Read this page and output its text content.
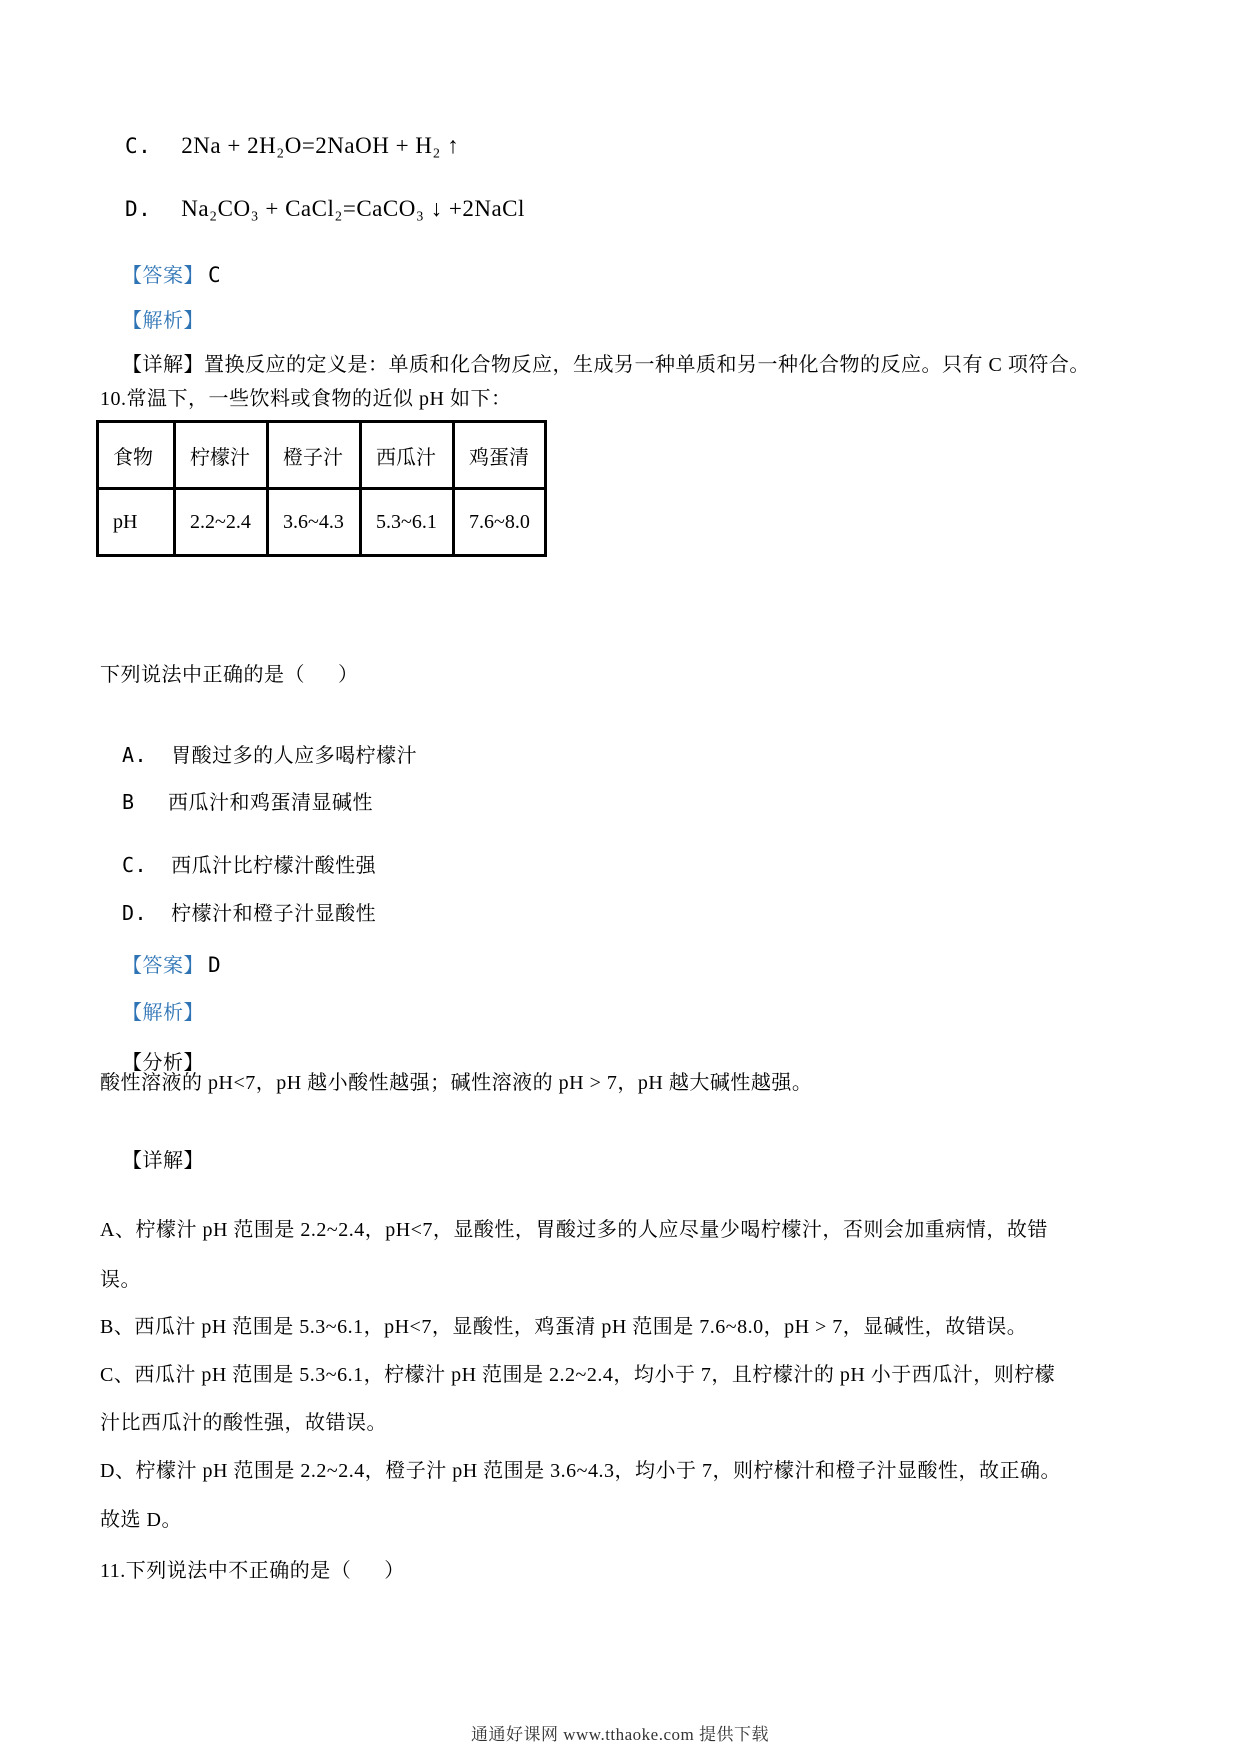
C. 2Na + 2H₂O=2NaOH + H₂ ↑

D. Na₂CO₃ + CaCl₂=CaCO₃ ↓ +2NaCl

【答案】 C

【解析】

【详解】置换反应的定义是：单质和化合物反应，生成另一种单质和另一种化合物的反应。只有 C 项符合。

10.常温下，一些饮料或食物的近似 pH 如下：
食物	柠檬汁	橙子汁	西瓜汁	鸡蛋清
pH	2.2~2.4	3.6~4.3	5.3~6.1	7.6~8.0
下列说法中正确的是（      ）

A. 胃酸过多的人应多喝柠檬汁

B 西瓜汁和鸡蛋清显碱性

C. 西瓜汁比柠檬汁酸性强

D. 柠檬汁和橙子汁显酸性

【答案】 D

【解析】

【分析】

酸性溶液的 pH<7，pH 越小酸性越强；碱性溶液的 pH > 7，pH 越大碱性越强。

【详解】

A、柠檬汁 pH 范围是 2.2~2.4，pH<7，显酸性，胃酸过多的人应尽量少喝柠檬汁，否则会加重病情，故错
误。
B、西瓜汁 pH 范围是 5.3~6.1，pH<7，显酸性，鸡蛋清 pH 范围是 7.6~8.0，pH > 7，显碱性，故错误。
C、西瓜汁 pH 范围是 5.3~6.1，柠檬汁 pH 范围是 2.2~2.4，均小于 7，且柠檬汁的 pH 小于西瓜汁，则柠檬
汁比西瓜汁的酸性强，故错误。
D、柠檬汁 pH 范围是 2.2~2.4，橙子汁 pH 范围是 3.6~4.3，均小于 7，则柠檬汁和橙子汁显酸性，故正确。
故选 D。
11.下列说法中不正确的是（      ）
通通好课网 www.tthaoke.com 提供下载
